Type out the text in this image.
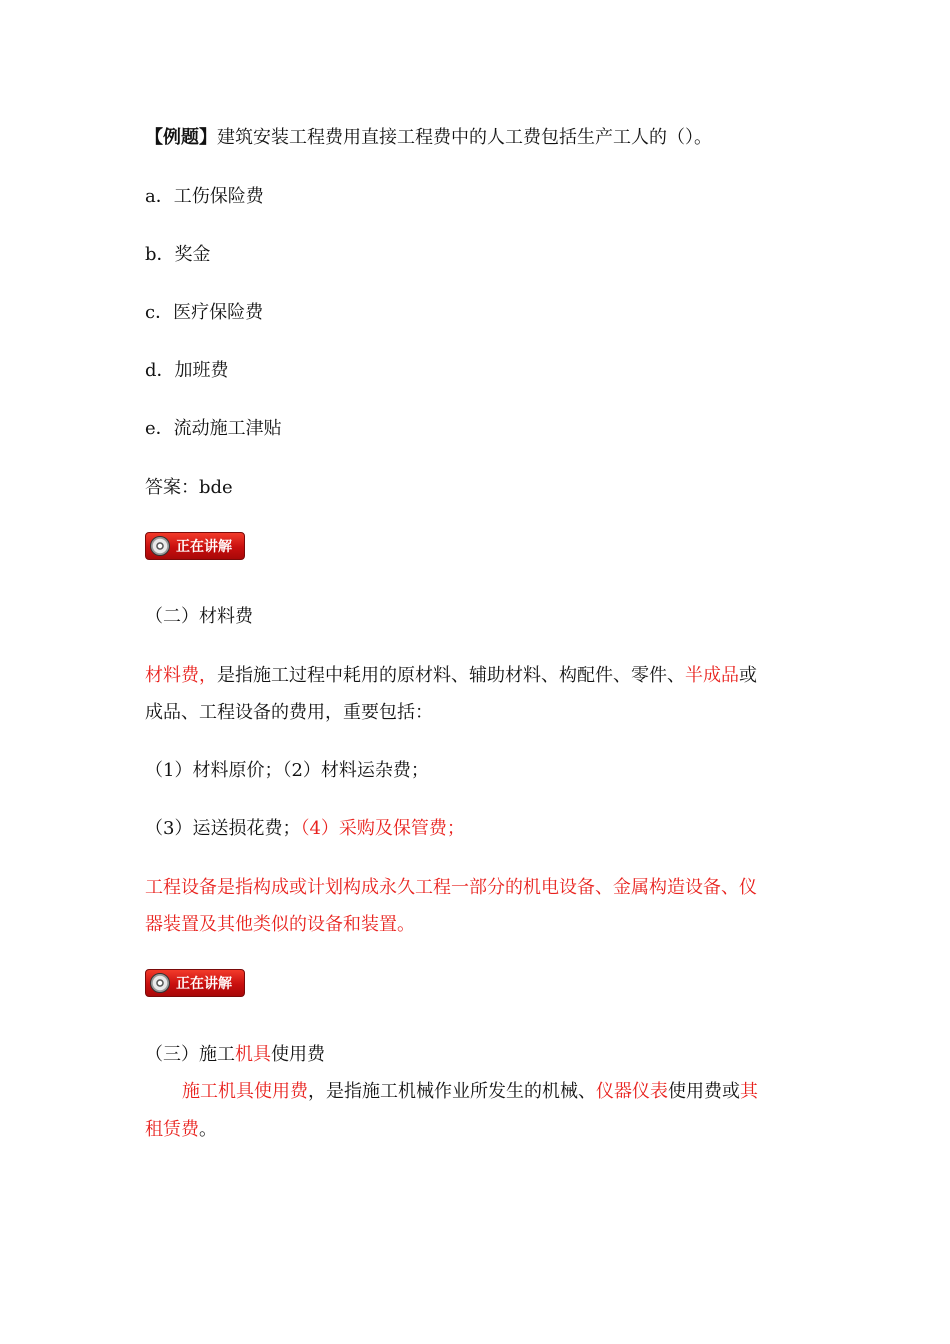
【例题】建筑安装工程费用直接工程费中的人工费包括生产工人的（）。
a．工伤保险费
b．奖金
c．医疗保险费
d．加班费
e．流动施工津贴
答案：bde
正在讲解
（二）材料费
材料费，是指施工过程中耗用的原材料、辅助材料、构配件、零件、半成品或
成品、工程设备的费用，重要包括：
（1）材料原价；（2）材料运杂费；
（3）运送损花费；（4）采购及保管费；
工程设备是指构成或计划构成永久工程一部分的机电设备、金属构造设备、仪
器装置及其他类似的设备和装置。
正在讲解
（三）施工机具使用费
施工机具使用费，是指施工机械作业所发生的机械、仪器仪表使用费或其
租赁费。
